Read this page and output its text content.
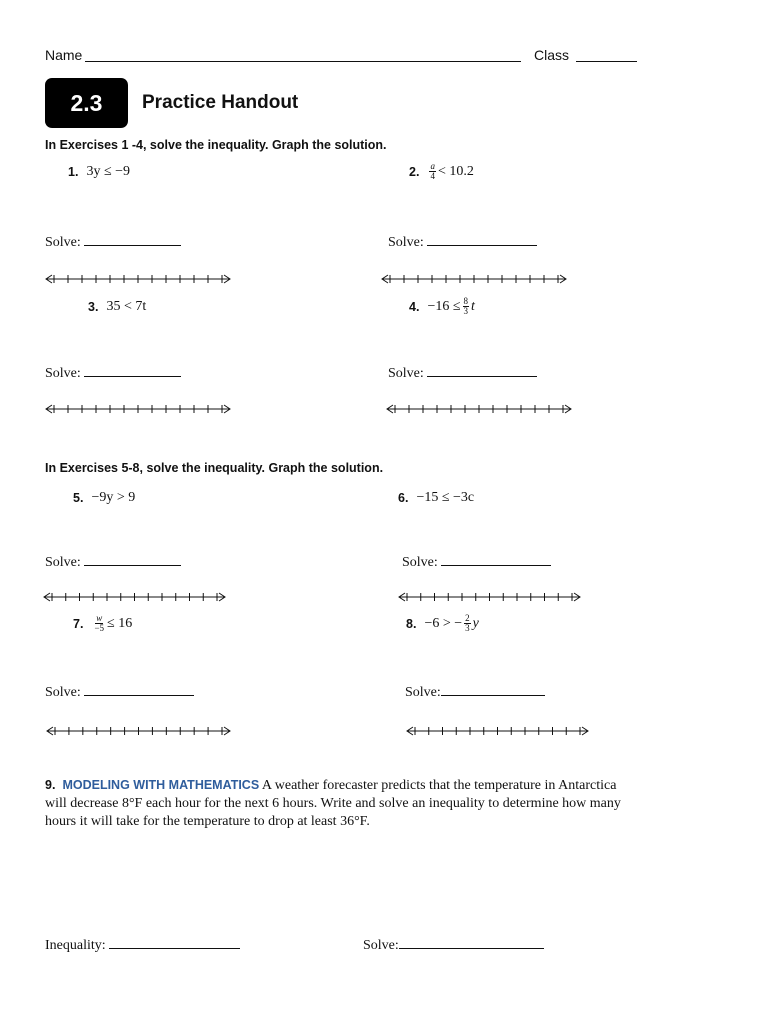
Name	Class
2.3	Practice Handout
In Exercises 1 -4, solve the inequality. Graph the solution.
1. 3y ≤ −9	2. $\frac{a}{4} < 10.2$
Solve:	Solve:
3. 35 < 7t	4. $-16 \le \frac{8}{3}$ t
Solve:	Solve:
In Exercises 5-8, solve the inequality. Graph the solution.
5. −9y > 9	6. −15 ≤ −3c
Solve:	Solve:
7. $\frac{w}{-5} \le 16$	8. −6 > − $\frac{2}{3}$ y
Solve:	Solve:
9. MODELING WITH MATHEMATICS A weather forecaster predicts that the temperature in Antarctica will decrease 8°F each hour for the next 6 hours. Write and solve an inequality to determine how many hours it will take for the temperature to drop at least 36°F.
Inequality:	Solve:
